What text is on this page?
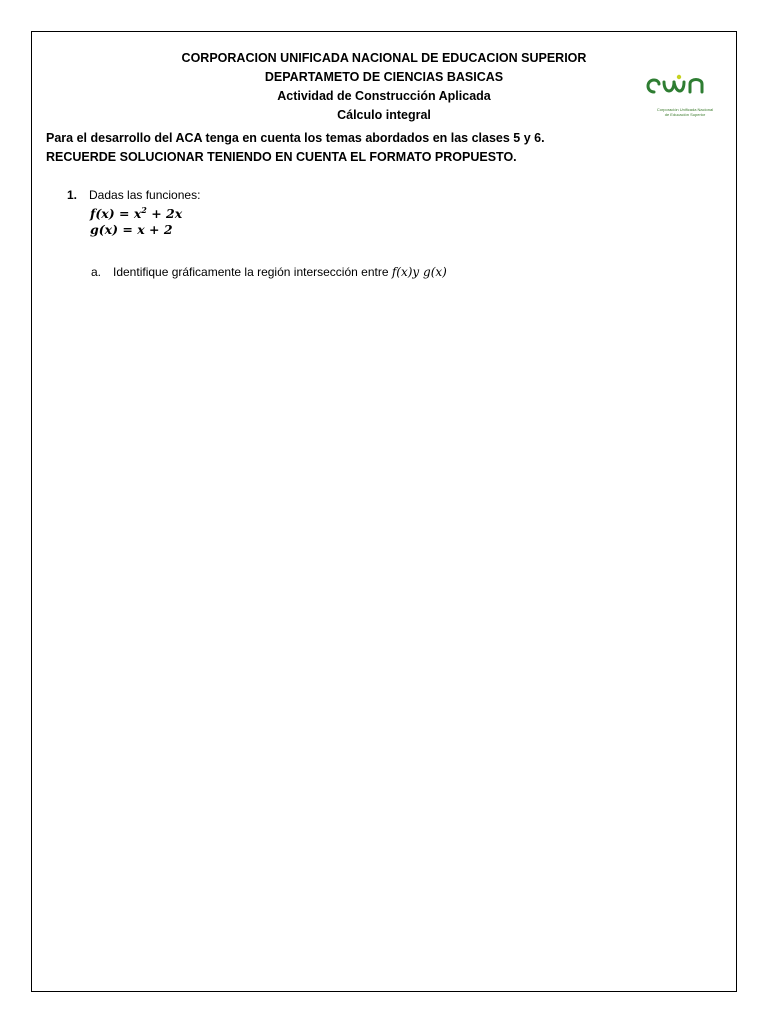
CORPORACION UNIFICADA NACIONAL DE EDUCACION SUPERIOR
DEPARTAMETO DE CIENCIAS BASICAS
Actividad de Construcción Aplicada
Cálculo integral	Corporación Unificada Nacional
de Educación Superior
Para el desarrollo del ACA tenga en cuenta los temas abordados en las clases 5 y 6.
RECUERDE SOLUCIONAR TENIENDO EN CUENTA EL FORMATO PROPUESTO.
1. Dadas las funciones:
$f(x) = x^2 + 2x$
g(x) = x + 2
a. Identifique gráficamente la región intersección entre f(x)y g(x)
